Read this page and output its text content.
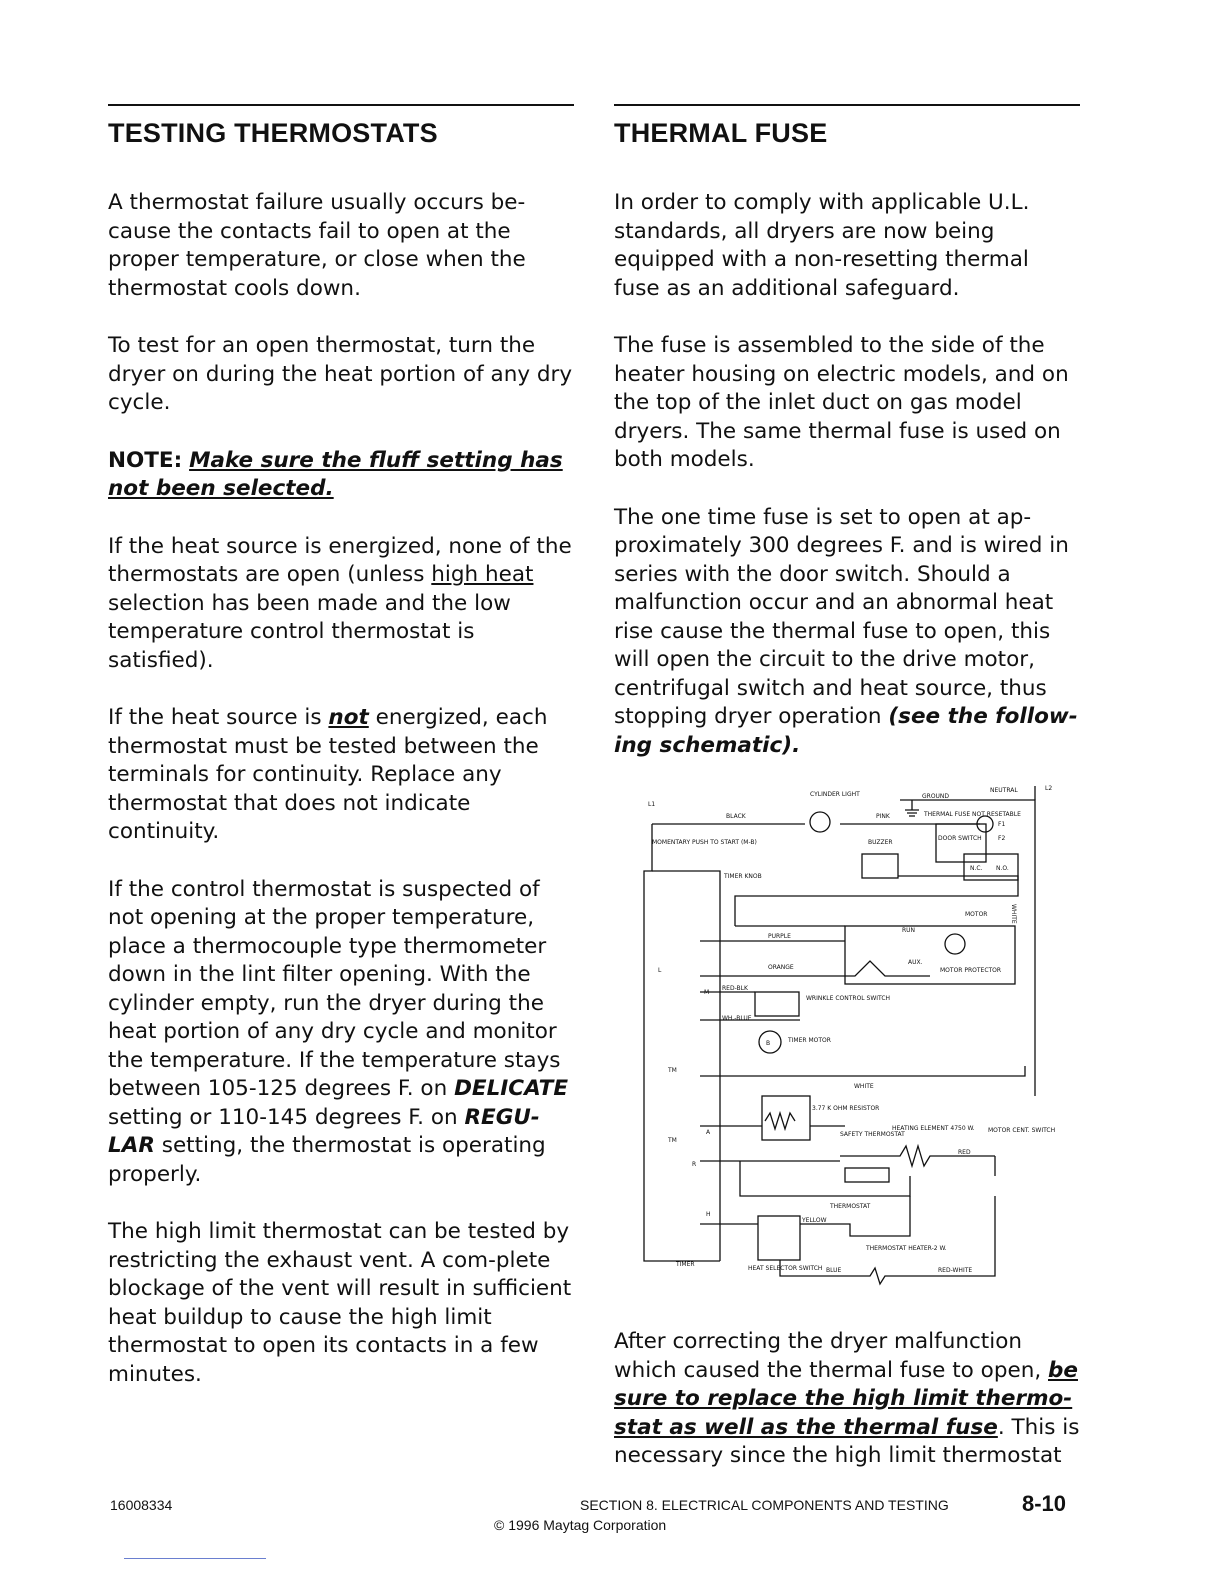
TESTING THERMOSTATS

A thermostat failure usually occurs be-cause the contacts fail to open at the proper temperature, or close when the thermostat cools down.

To test for an open thermostat, turn the dryer on during the heat portion of any dry cycle.

NOTE: Make sure the fluff setting has not been selected.

If the heat source is energized, none of the thermostats are open (unless high heat selection has been made and the low temperature control thermostat is satisfied).

If the heat source is not energized, each thermostat must be tested between the terminals for continuity. Replace any thermostat that does not indicate continuity.

If the control thermostat is suspected of not opening at the proper temperature, place a thermocouple type thermometer down in the lint filter opening. With the cylinder empty, run the dryer during the heat portion of any dry cycle and monitor the temperature. If the temperature stays between 105-125 degrees F. on DELICATE setting or 110-145 degrees F. on REGU-LAR setting, the thermostat is operating properly.

The high limit thermostat can be tested by restricting the exhaust vent. A com-plete blockage of the vent will result in sufficient heat buildup to cause the high limit thermostat to open its contacts in a few minutes.

THERMAL FUSE

In order to comply with applicable U.L. standards, all dryers are now being equipped with a non-resetting thermal fuse as an additional safeguard.

The fuse is assembled to the side of the heater housing on electric models, and on the top of the inlet duct on gas model dryers. The same thermal fuse is used on both models.

The one time fuse is set to open at ap-proximately 300 degrees F. and is wired in series with the door switch. Should a malfunction occur and an abnormal heat rise cause the thermal fuse to open, this will open the circuit to the drive motor, centrifugal switch and heat source, thus stopping dryer operation (see the follow-ing schematic).

L1
L2
CYLINDER LIGHT	GROUND
NEUTRAL
THERMAL FUSE NOT RESETABLE
BLACK	PINK
MOMENTARY PUSH TO START (M-B)	BUZZER
DOOR SWITCH
F1
F2
N.C. N.O.
TIMER KNOB
MOTOR	WHITE
PURPLE
ORANGE
RUN
AUX.
MOTOR PROTECTOR
RED-BLK
WRINKLE CONTROL SWITCH
WH.-BLUE
TIMER MOTOR
WHITE
3.77 K OHM RESISTOR
SAFETY THERMOSTAT
HEATING ELEMENT 4750 W. MOTOR CENT. SWITCH
RED
THERMOSTAT
YELLOW
THERMOSTAT HEATER-2 W.
TIMER
HEAT SELECTOR SWITCH BLUE	RED-WHITE
TM
TM
M
B
L
H
A
R

After correcting the dryer malfunction which caused the thermal fuse to open, be sure to replace the high limit thermo-stat as well as the thermal fuse. This is necessary since the high limit thermostat

16008334	SECTION 8. ELECTRICAL COMPONENTS AND TESTING	8-10
© 1996 Maytag Corporation
